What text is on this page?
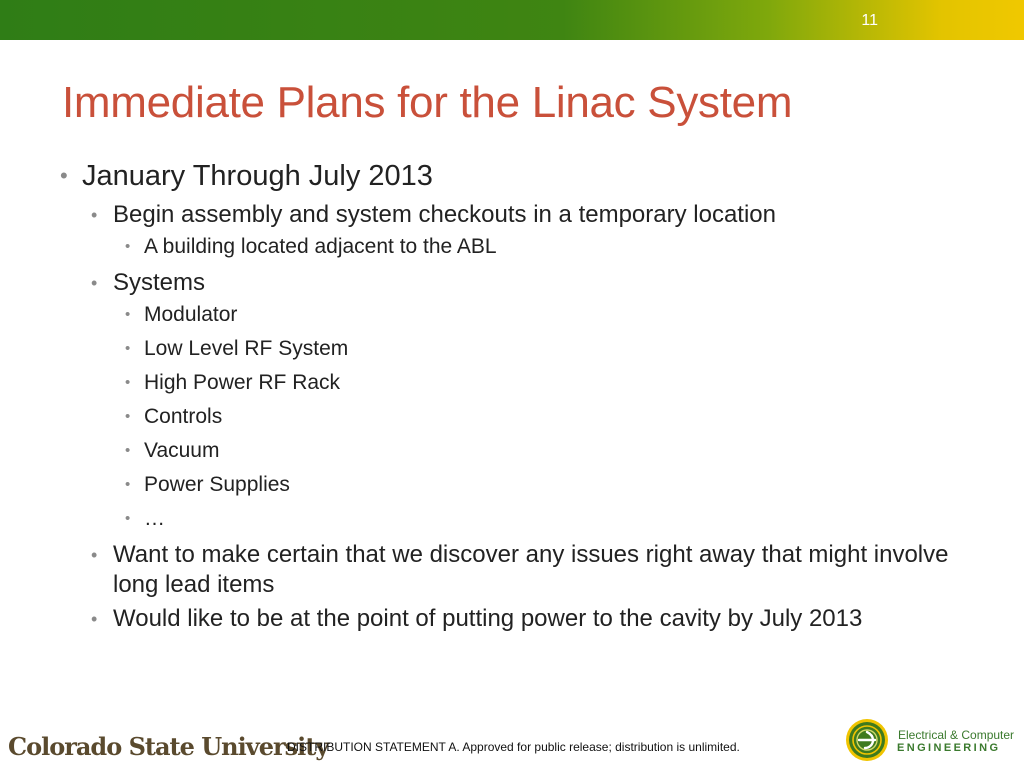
11
Immediate Plans for the Linac System
• January Through July 2013
• Begin assembly and system checkouts in a temporary location
• A building located adjacent to the ABL
• Systems
• Modulator
• Low Level RF System
• High Power RF Rack
• Controls
• Vacuum
• Power Supplies
• …
• Want to make certain that we discover any issues right away that might involve long lead items
• Would like to be at the point of putting power to the cavity by July 2013
Colorado State University
DISTRIBUTION STATEMENT A. Approved for public release; distribution is unlimited.
Electrical & Computer
ENGINEERING
